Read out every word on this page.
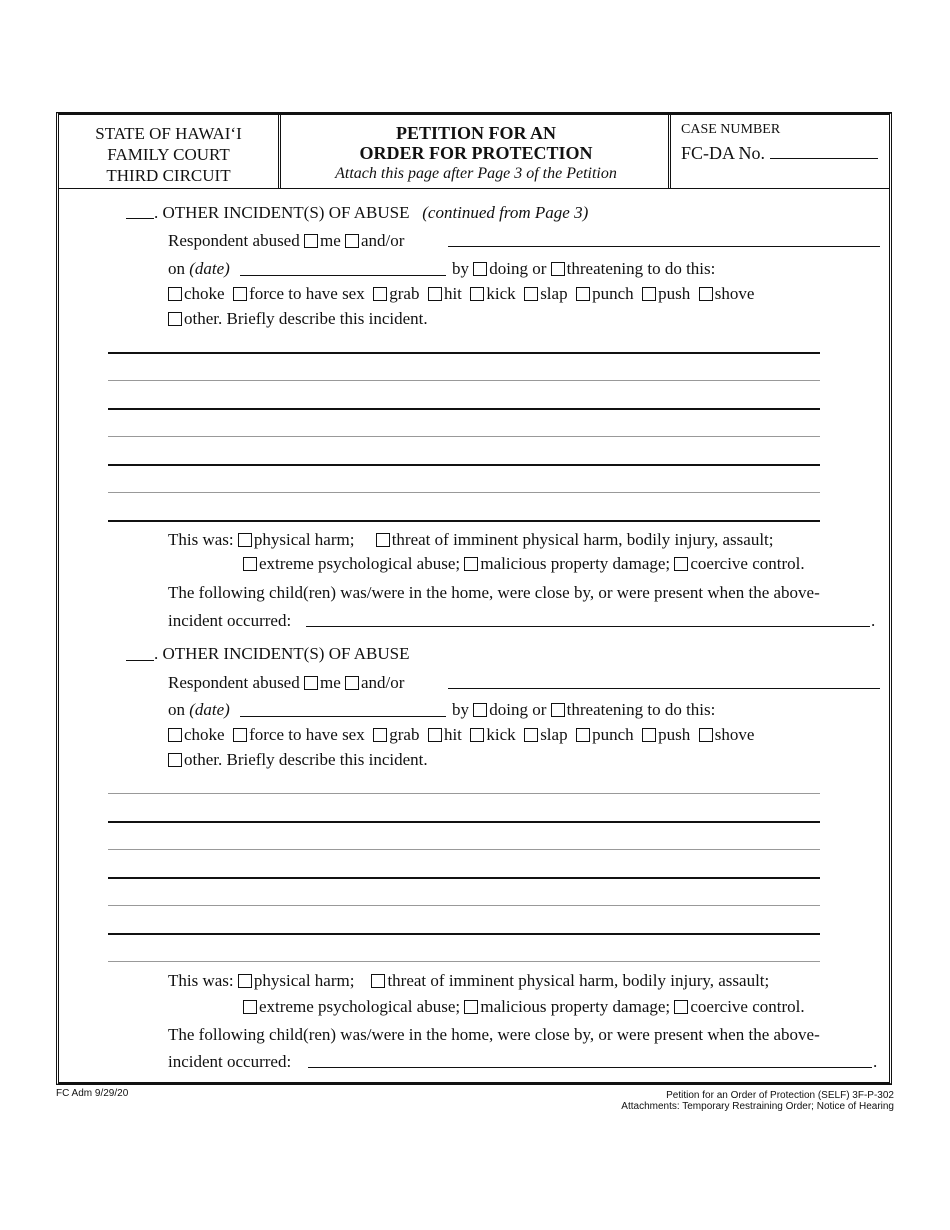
STATE OF HAWAI‘I
FAMILY COURT
THIRD CIRCUIT
PETITION FOR AN
ORDER FOR PROTECTION
Attach this page after Page 3 of the Petition
CASE NUMBER
FC-DA No.
. OTHER INCIDENT(S) OF ABUSE (continued from Page 3)
Respondent abused me and/or
on (date)	by doing or threatening to do this:
choke force to have sex grab hit kick slap punch push shove
other. Briefly describe this incident.
This was: physical harm; threat of imminent physical harm, bodily injury, assault;
extreme psychological abuse; malicious property damage; coercive control.
The following child(ren) was/were in the home, were close by, or were present when the above-
incident occurred:	.
. OTHER INCIDENT(S) OF ABUSE
Respondent abused me and/or
on (date)	by doing or threatening to do this:
choke force to have sex grab hit kick slap punch push shove
other. Briefly describe this incident.
This was: physical harm; threat of imminent physical harm, bodily injury, assault;
extreme psychological abuse; malicious property damage; coercive control.
The following child(ren) was/were in the home, were close by, or were present when the above-
incident occurred:	.
FC Adm 9/29/20	Petition for an Order of Protection (SELF) 3F-P-302
Attachments: Temporary Restraining Order; Notice of Hearing
